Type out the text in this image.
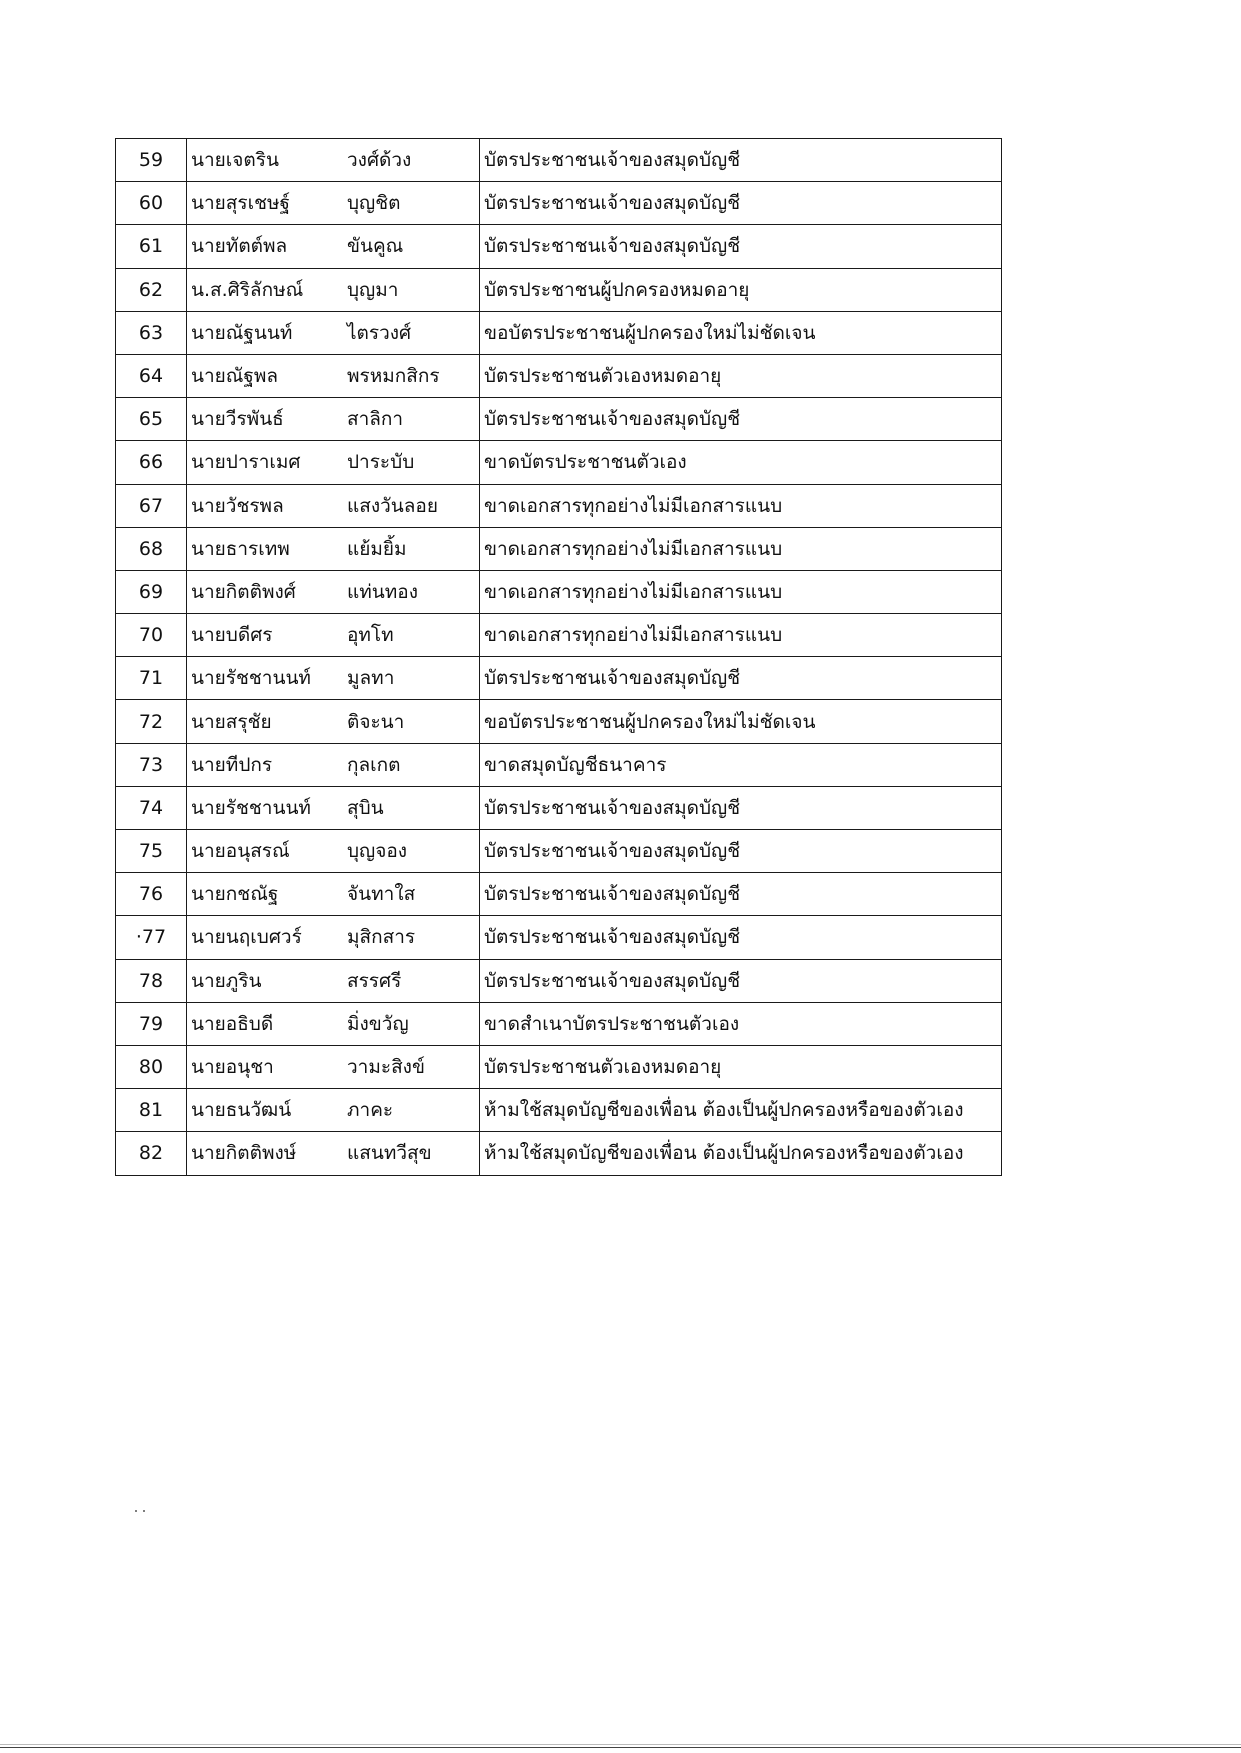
59	นายเจตริน	วงศ์ด้วง	บัตรประชาชนเจ้าของสมุดบัญชี
60	นายสุรเชษฐ์	บุญชิต	บัตรประชาชนเจ้าของสมุดบัญชี
61	นายทัตต์พล	ขันคูณ	บัตรประชาชนเจ้าของสมุดบัญชี
62	น.ส.ศิริลักษณ์	บุญมา	บัตรประชาชนผู้ปกครองหมดอายุ
63	นายณัฐนนท์	ไตรวงศ์	ขอบัตรประชาชนผู้ปกครองใหม่ไม่ชัดเจน
64	นายณัฐพล	พรหมกสิกร	บัตรประชาชนตัวเองหมดอายุ
65	นายวีรพันธ์	สาลิกา	บัตรประชาชนเจ้าของสมุดบัญชี
66	นายปาราเมศ	ปาระบับ	ขาดบัตรประชาชนตัวเอง
67	นายวัชรพล	แสงวันลอย	ขาดเอกสารทุกอย่างไม่มีเอกสารแนบ
68	นายธารเทพ	แย้มยิ้ม	ขาดเอกสารทุกอย่างไม่มีเอกสารแนบ
69	นายกิตติพงศ์	แท่นทอง	ขาดเอกสารทุกอย่างไม่มีเอกสารแนบ
70	นายบดีศร	อุทโท	ขาดเอกสารทุกอย่างไม่มีเอกสารแนบ
71	นายรัชชานนท์	มูลทา	บัตรประชาชนเจ้าของสมุดบัญชี
72	นายสรุชัย	ติจะนา	ขอบัตรประชาชนผู้ปกครองใหม่ไม่ชัดเจน
73	นายทีปกร	กุลเกต	ขาดสมุดบัญชีธนาคาร
74	นายรัชชานนท์	สุบิน	บัตรประชาชนเจ้าของสมุดบัญชี
75	นายอนุสรณ์	บุญจอง	บัตรประชาชนเจ้าของสมุดบัญชี
76	นายกชณัฐ	จันทาใส	บัตรประชาชนเจ้าของสมุดบัญชี
·77	นายนฤเบศวร์	มุสิกสาร	บัตรประชาชนเจ้าของสมุดบัญชี
78	นายภูริน	สรรศรี	บัตรประชาชนเจ้าของสมุดบัญชี
79	นายอธิบดี	มิ่งขวัญ	ขาดสำเนาบัตรประชาชนตัวเอง
80	นายอนุชา	วามะสิงข์	บัตรประชาชนตัวเองหมดอายุ
81	นายธนวัฒน์	ภาคะ	ห้ามใช้สมุดบัญชีของเพื่อน ต้องเป็นผู้ปกครองหรือของตัวเอง
82	นายกิตติพงษ์	แสนทวีสุข	ห้ามใช้สมุดบัญชีของเพื่อน ต้องเป็นผู้ปกครองหรือของตัวเอง
